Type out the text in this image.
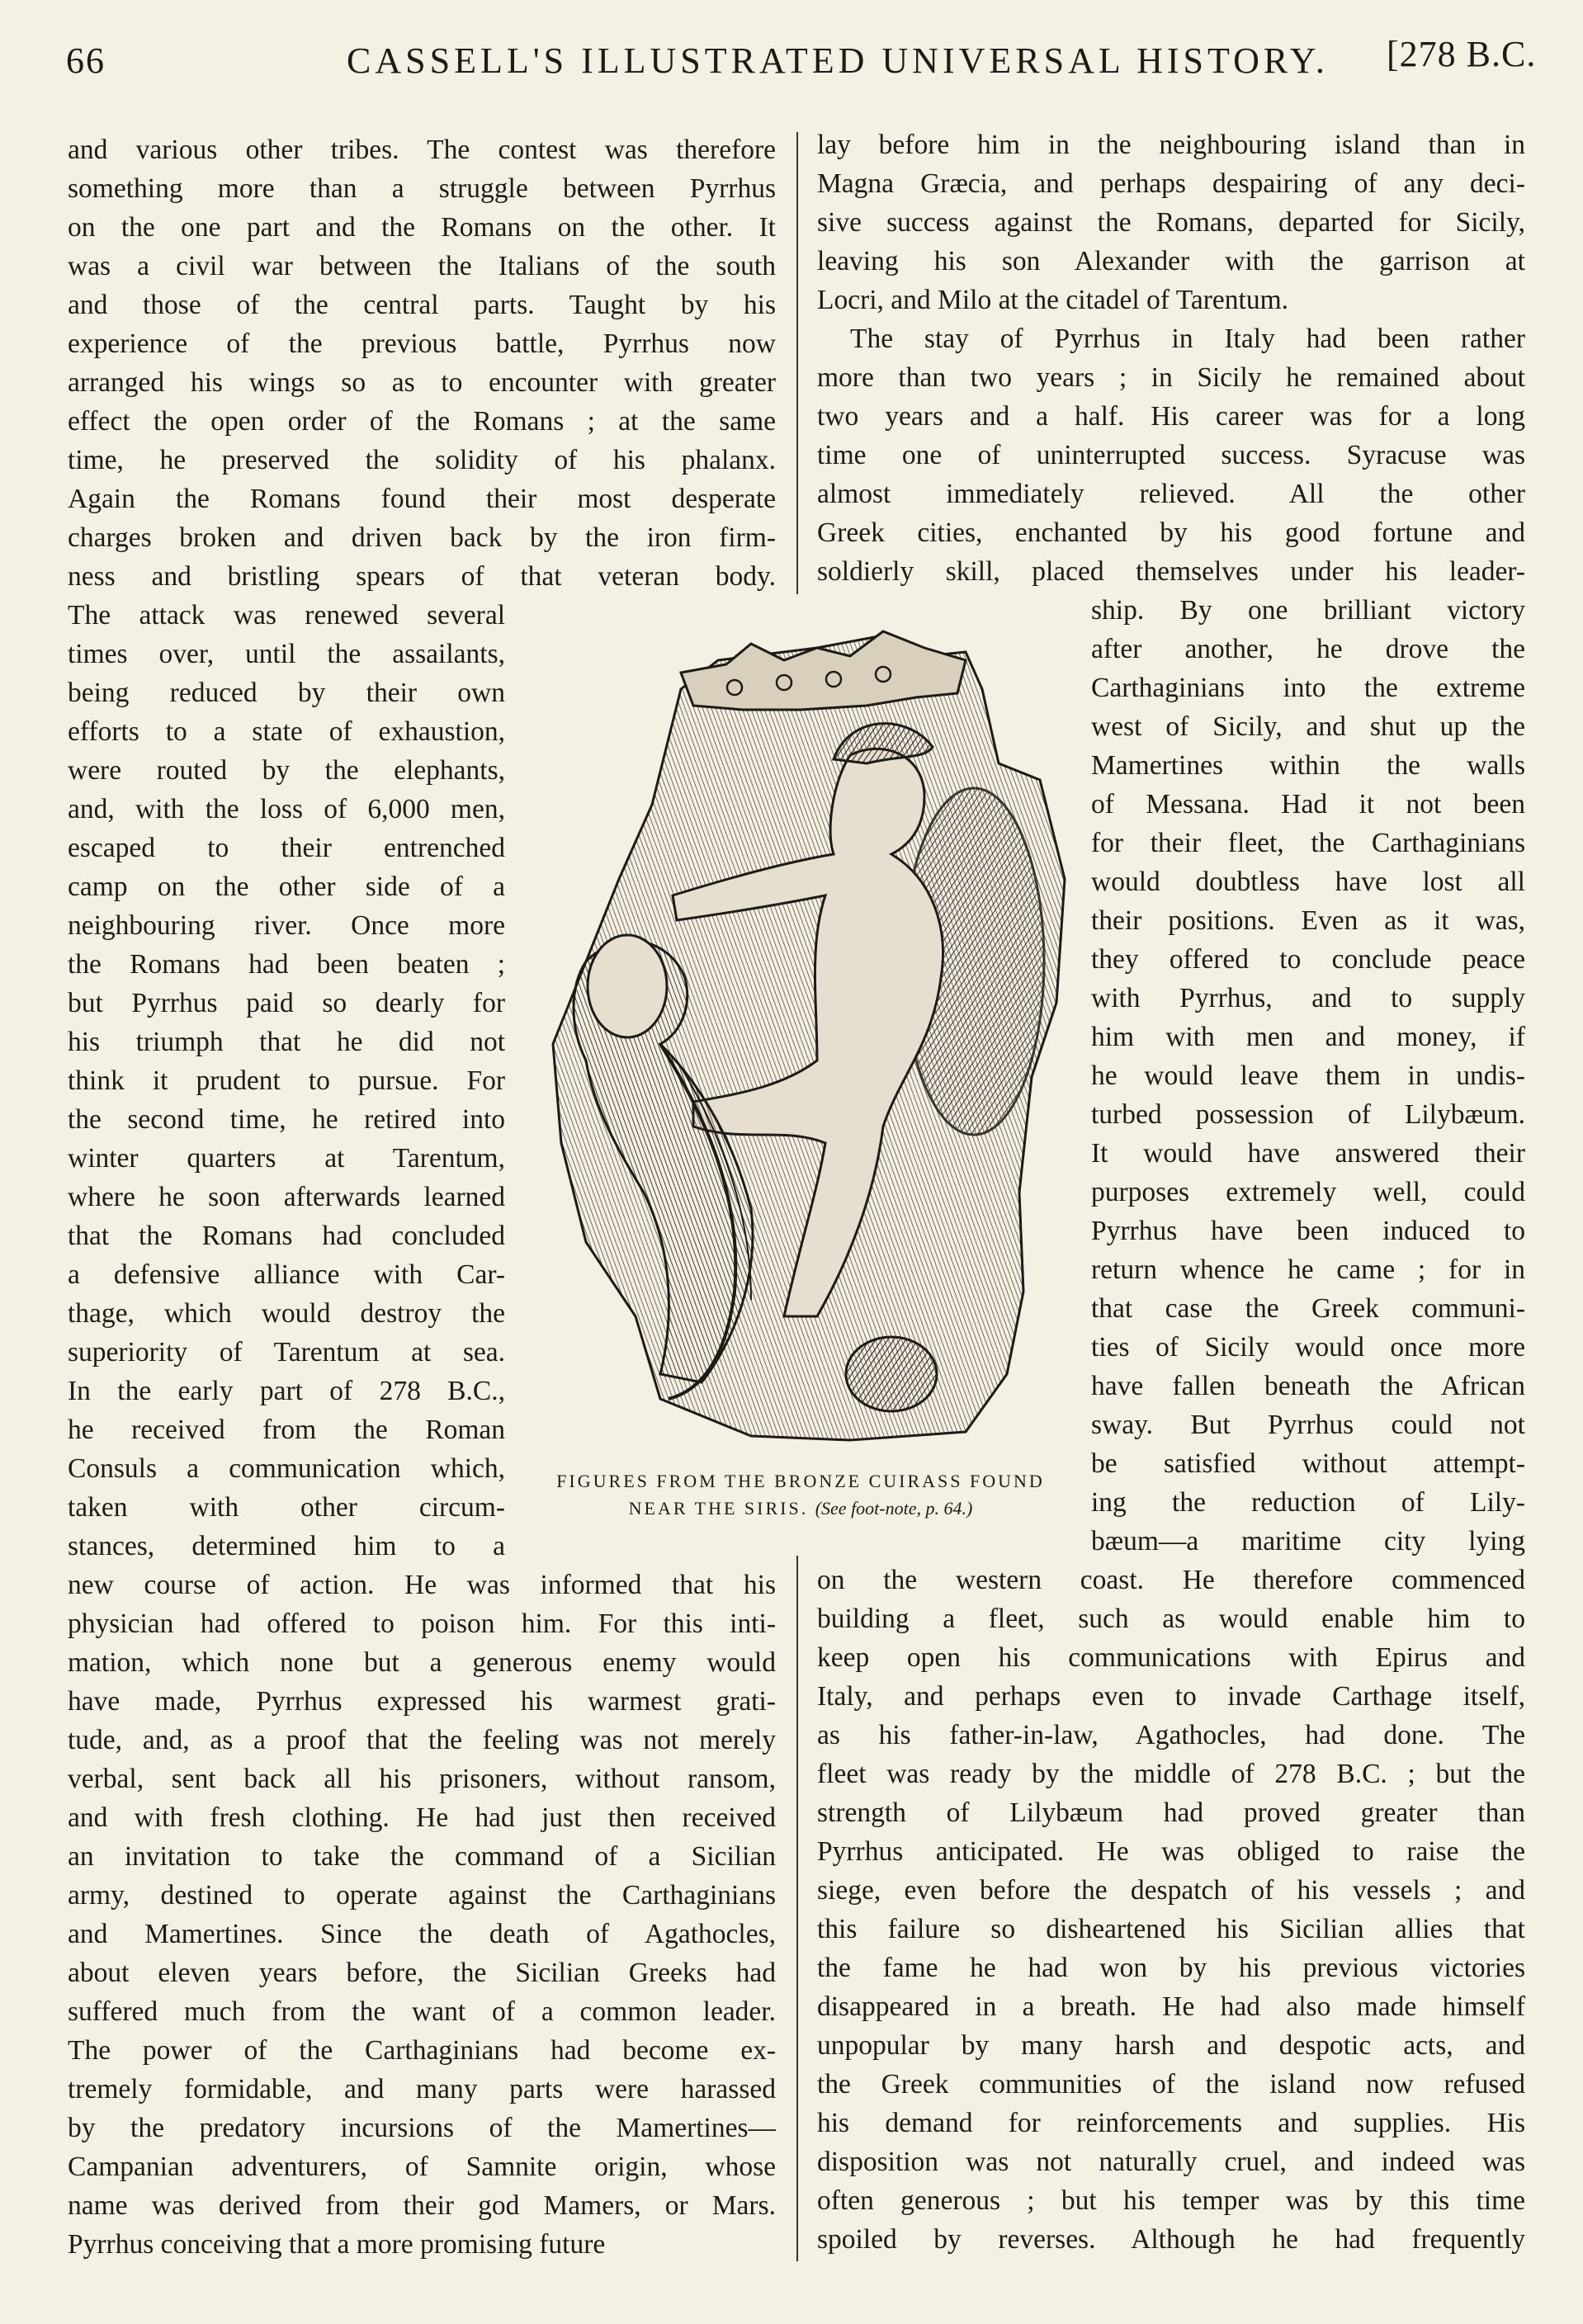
66	CASSELL'S ILLUSTRATED UNIVERSAL HISTORY. [278 B.C.
and various other tribes. The contest was therefore
something more than a struggle between Pyrrhus
on the one part and the Romans on the other. It
was a civil war between the Italians of the south
and those of the central parts. Taught by his
experience of the previous battle, Pyrrhus now
arranged his wings so as to encounter with greater
effect the open order of the Romans ; at the same
time, he preserved the solidity of his phalanx.
Again the Romans found their most desperate
charges broken and driven back by the iron firm-
ness and bristling spears of that veteran body.
The attack was renewed several
times over, until the assailants,
being reduced by their own
efforts to a state of exhaustion,
were routed by the elephants,
and, with the loss of 6,000 men,
escaped to their entrenched
camp on the other side of a
neighbouring river. Once more
the Romans had been beaten ;
but Pyrrhus paid so dearly for
his triumph that he did not
think it prudent to pursue. For
the second time, he retired into
winter quarters at Tarentum,
where he soon afterwards learned
that the Romans had concluded
a defensive alliance with Car-
thage, which would destroy the
superiority of Tarentum at sea.
In the early part of 278 B.C.,
he received from the Roman
Consuls a communication which,
taken with other circum-
stances, determined him to a
new course of action. He was informed that his
physician had offered to poison him. For this inti-
mation, which none but a generous enemy would
have made, Pyrrhus expressed his warmest grati-
tude, and, as a proof that the feeling was not merely
verbal, sent back all his prisoners, without ransom,
and with fresh clothing. He had just then received
an invitation to take the command of a Sicilian
army, destined to operate against the Carthaginians
and Mamertines. Since the death of Agathocles,
about eleven years before, the Sicilian Greeks had
suffered much from the want of a common leader.
The power of the Carthaginians had become ex-
tremely formidable, and many parts were harassed
by the predatory incursions of the Mamertines—
Campanian adventurers, of Samnite origin, whose
name was derived from their god Mamers, or Mars.
Pyrrhus conceiving that a more promising future
lay before him in the neighbouring island than in
Magna Græcia, and perhaps despairing of any deci-
sive success against the Romans, departed for Sicily,
leaving his son Alexander with the garrison at
Locri, and Milo at the citadel of Tarentum.
The stay of Pyrrhus in Italy had been rather
more than two years ; in Sicily he remained about
two years and a half. His career was for a long
time one of uninterrupted success. Syracuse was
almost immediately relieved. All the other
Greek cities, enchanted by his good fortune and
soldierly skill, placed themselves under his leader-
ship. By one brilliant victory
after another, he drove the
Carthaginians into the extreme
west of Sicily, and shut up the
Mamertines within the walls
of Messana. Had it not been
for their fleet, the Carthaginians
would doubtless have lost all
their positions. Even as it was,
they offered to conclude peace
with Pyrrhus, and to supply
him with men and money, if
he would leave them in undis-
turbed possession of Lilybæum.
It would have answered their
purposes extremely well, could
Pyrrhus have been induced to
return whence he came ; for in
that case the Greek communi-
ties of Sicily would once more
have fallen beneath the African
sway. But Pyrrhus could not
be satisfied without attempt-
ing the reduction of Lily-
bæum—a maritime city lying
on the western coast. He therefore commenced
building a fleet, such as would enable him to
keep open his communications with Epirus and
Italy, and perhaps even to invade Carthage itself,
as his father-in-law, Agathocles, had done. The
fleet was ready by the middle of 278 B.C. ; but the
strength of Lilybæum had proved greater than
Pyrrhus anticipated. He was obliged to raise the
siege, even before the despatch of his vessels ; and
this failure so disheartened his Sicilian allies that
the fame he had won by his previous victories
disappeared in a breath. He had also made himself
unpopular by many harsh and despotic acts, and
the Greek communities of the island now refused
his demand for reinforcements and supplies. His
disposition was not naturally cruel, and indeed was
often generous ; but his temper was by this time
spoiled by reverses. Although he had frequently
FIGURES FROM THE BRONZE CUIRASS FOUND
NEAR THE SIRIS. (See foot-note, p. 64.)
